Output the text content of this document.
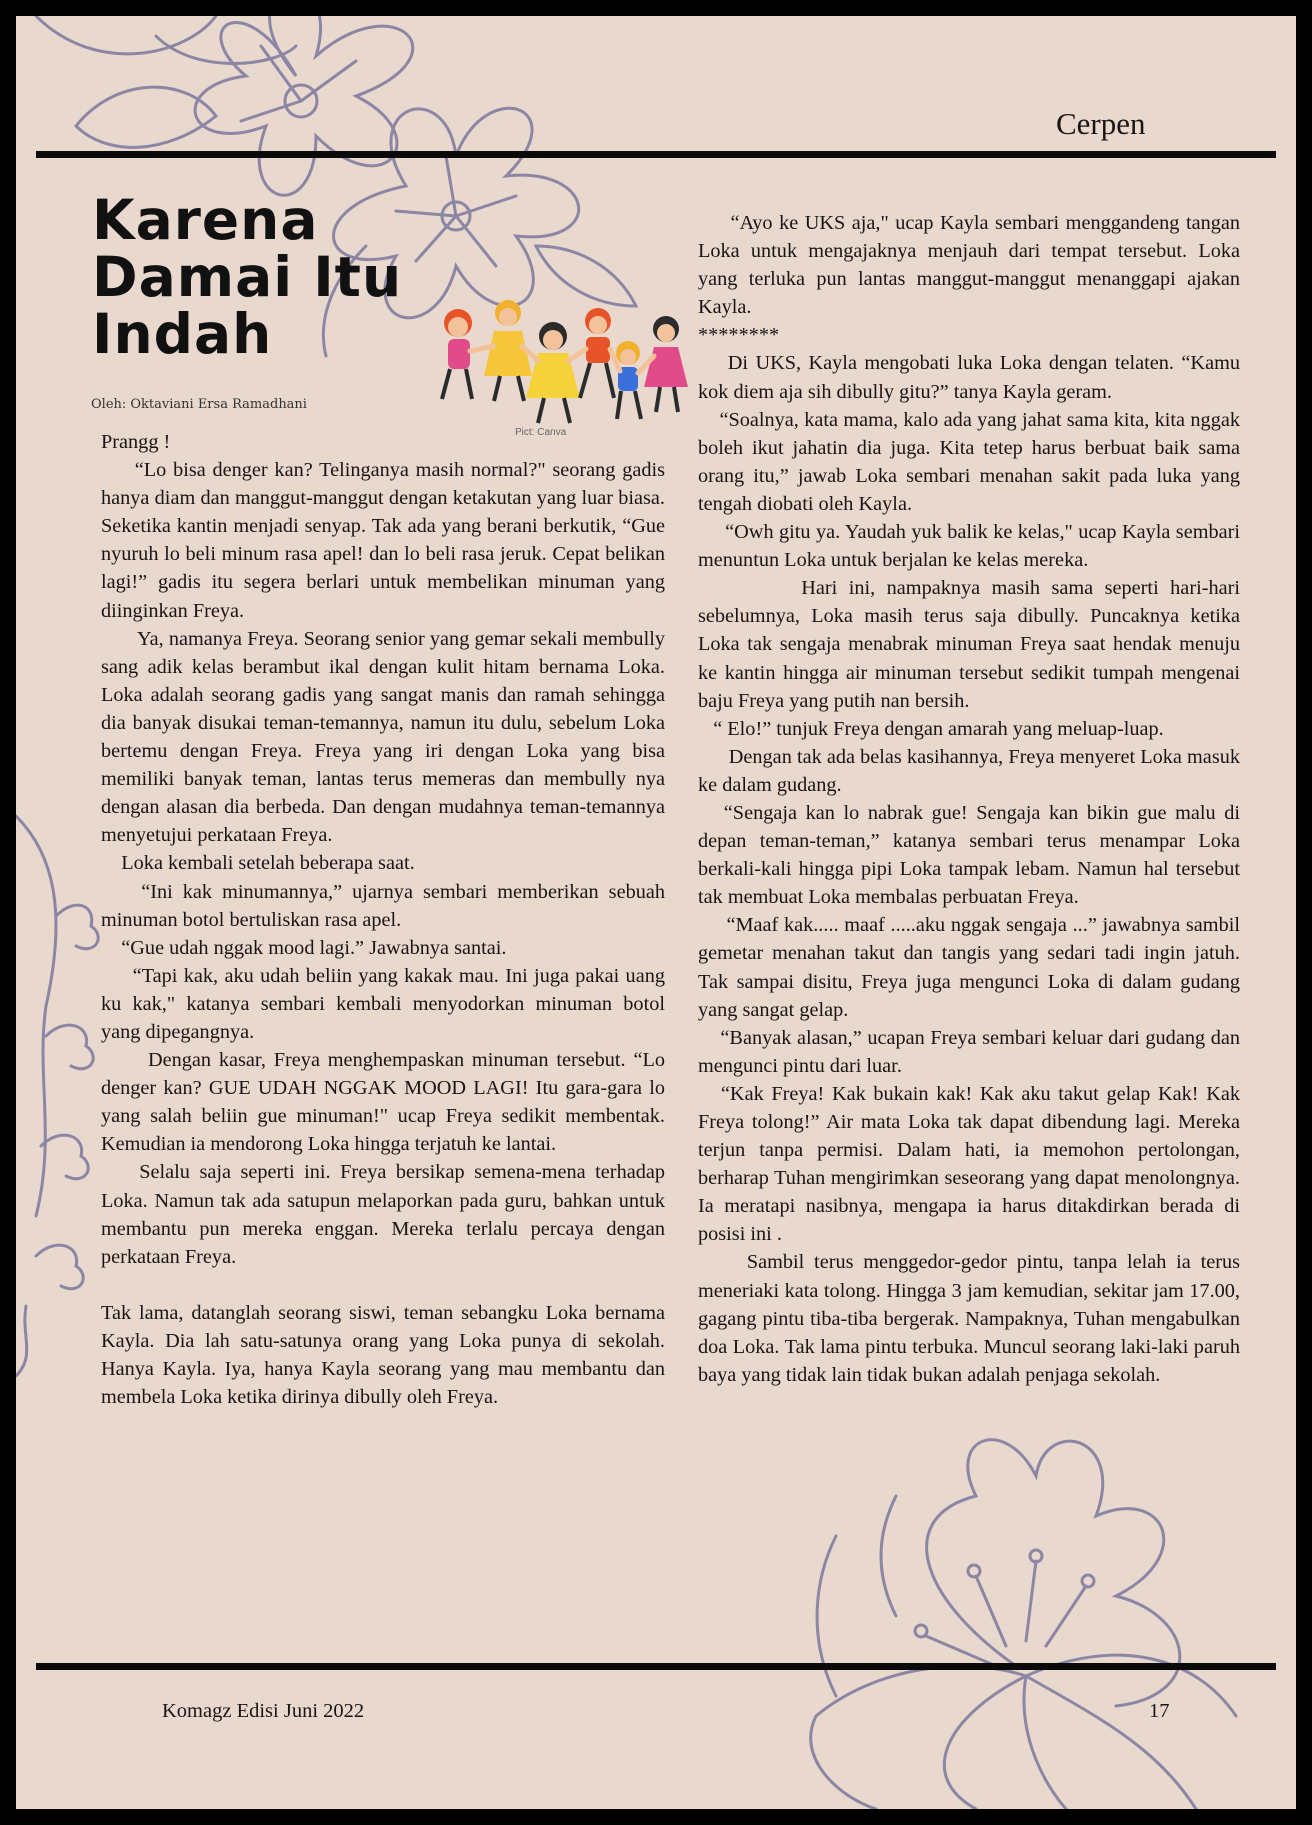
Cerpen
Karena
Damai Itu
Indah
Oleh: Oktaviani Ersa Ramadhani
Pict: Canva

Prangg !

“Lo bisa denger kan? Telinganya masih normal?" seorang gadis hanya diam dan manggut-manggut dengan ketakutan yang luar biasa. Seketika kantin menjadi senyap. Tak ada yang berani berkutik, “Gue nyuruh lo beli minum rasa apel! dan lo beli rasa jeruk. Cepat belikan lagi!” gadis itu segera berlari untuk membelikan minuman yang diinginkan Freya.

Ya, namanya Freya. Seorang senior yang gemar sekali membully sang adik kelas berambut ikal dengan kulit hitam bernama Loka. Loka adalah seorang gadis yang sangat manis dan ramah sehingga dia banyak disukai teman-temannya, namun itu dulu, sebelum Loka bertemu dengan Freya. Freya yang iri dengan Loka yang bisa memiliki banyak teman, lantas terus memeras dan membully nya dengan alasan dia berbeda. Dan dengan mudahnya teman-temannya menyetujui perkataan Freya.

Loka kembali setelah beberapa saat.

“Ini kak minumannya,” ujarnya sembari memberikan sebuah minuman botol bertuliskan rasa apel.

“Gue udah nggak mood lagi.” Jawabnya santai.

“Tapi kak, aku udah beliin yang kakak mau. Ini juga pakai uang ku kak," katanya sembari kembali menyodorkan minuman botol yang dipegangnya.

Dengan kasar, Freya menghempaskan minuman tersebut. “Lo denger kan? GUE UDAH NGGAK MOOD LAGI! Itu gara-gara lo yang salah beliin gue minuman!" ucap Freya sedikit membentak. Kemudian ia mendorong Loka hingga terjatuh ke lantai.

Selalu saja seperti ini. Freya bersikap semena-mena terhadap Loka. Namun tak ada satupun melaporkan pada guru, bahkan untuk membantu pun mereka enggan. Mereka terlalu percaya dengan perkataan Freya.

Tak lama, datanglah seorang siswi, teman sebangku Loka bernama Kayla. Dia lah satu-satunya orang yang Loka punya di sekolah. Hanya Kayla. Iya, hanya Kayla seorang yang mau membantu dan membela Loka ketika dirinya dibully oleh Freya.

“Ayo ke UKS aja," ucap Kayla sembari menggandeng tangan Loka untuk mengajaknya menjauh dari tempat tersebut. Loka yang terluka pun lantas manggut-manggut menanggapi ajakan Kayla.

********

Di UKS, Kayla mengobati luka Loka dengan telaten. “Kamu kok diem aja sih dibully gitu?” tanya Kayla geram.

“Soalnya, kata mama, kalo ada yang jahat sama kita, kita nggak boleh ikut jahatin dia juga. Kita tetep harus berbuat baik sama orang itu,” jawab Loka sembari menahan sakit pada luka yang tengah diobati oleh Kayla.

“Owh gitu ya. Yaudah yuk balik ke kelas," ucap Kayla sembari menuntun Loka untuk berjalan ke kelas mereka.

Hari ini, nampaknya masih sama seperti hari-hari sebelumnya, Loka masih terus saja dibully. Puncaknya ketika Loka tak sengaja menabrak minuman Freya saat hendak menuju ke kantin hingga air minuman tersebut sedikit tumpah mengenai baju Freya yang putih nan bersih.

“ Elo!” tunjuk Freya dengan amarah yang meluap-luap.

Dengan tak ada belas kasihannya, Freya menyeret Loka masuk ke dalam gudang.

“Sengaja kan lo nabrak gue! Sengaja kan bikin gue malu di depan teman-teman,” katanya sembari terus menampar Loka berkali-kali hingga pipi Loka tampak lebam. Namun hal tersebut tak membuat Loka membalas perbuatan Freya.

“Maaf kak..... maaf .....aku nggak sengaja ...” jawabnya sambil gemetar menahan takut dan tangis yang sedari tadi ingin jatuh. Tak sampai disitu, Freya juga mengunci Loka di dalam gudang yang sangat gelap.

“Banyak alasan,” ucapan Freya sembari keluar dari gudang dan mengunci pintu dari luar.

“Kak Freya! Kak bukain kak! Kak aku takut gelap Kak! Kak Freya tolong!” Air mata Loka tak dapat dibendung lagi. Mereka terjun tanpa permisi. Dalam hati, ia memohon pertolongan, berharap Tuhan mengirimkan seseorang yang dapat menolongnya. Ia meratapi nasibnya, mengapa ia harus ditakdirkan berada di posisi ini .

Sambil terus menggedor-gedor pintu, tanpa lelah ia terus meneriaki kata tolong. Hingga 3 jam kemudian, sekitar jam 17.00, gagang pintu tiba-tiba bergerak. Nampaknya, Tuhan mengabulkan doa Loka. Tak lama pintu terbuka. Muncul seorang laki-laki paruh baya yang tidak lain tidak bukan adalah penjaga sekolah.

Komagz Edisi Juni 2022	17
